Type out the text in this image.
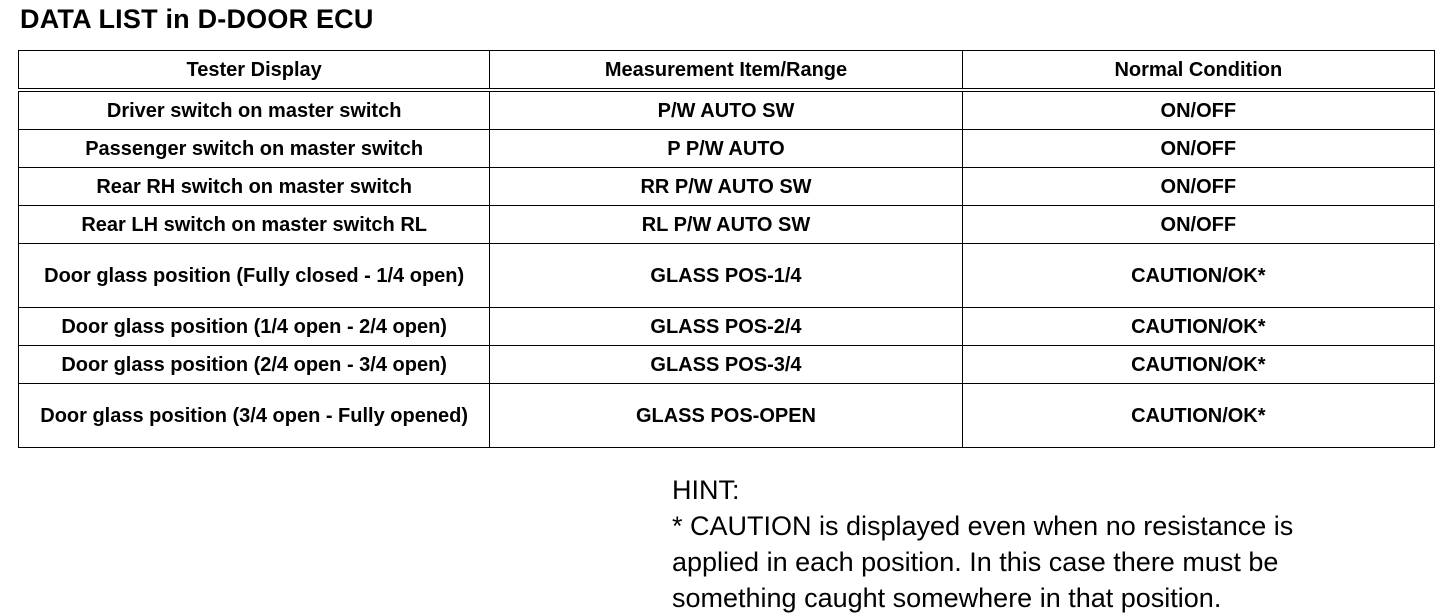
DATA LIST in D-DOOR ECU
Tester Display	Measurement Item/Range	Normal Condition
Driver switch on master switch	P/W AUTO SW	ON/OFF
Passenger switch on master switch	P P/W AUTO	ON/OFF
Rear RH switch on master switch	RR P/W AUTO SW	ON/OFF
Rear LH switch on master switch RL	RL P/W AUTO SW	ON/OFF
Door glass position (Fully closed - 1/4 open)	GLASS POS-1/4	CAUTION/OK*
Door glass position (1/4 open - 2/4 open)	GLASS POS-2/4	CAUTION/OK*
Door glass position (2/4 open - 3/4 open)	GLASS POS-3/4	CAUTION/OK*
Door glass position (3/4 open - Fully opened)	GLASS POS-OPEN	CAUTION/OK*
HINT:
* CAUTION is displayed even when no resistance is
applied in each position. In this case there must be
something caught somewhere in that position.
